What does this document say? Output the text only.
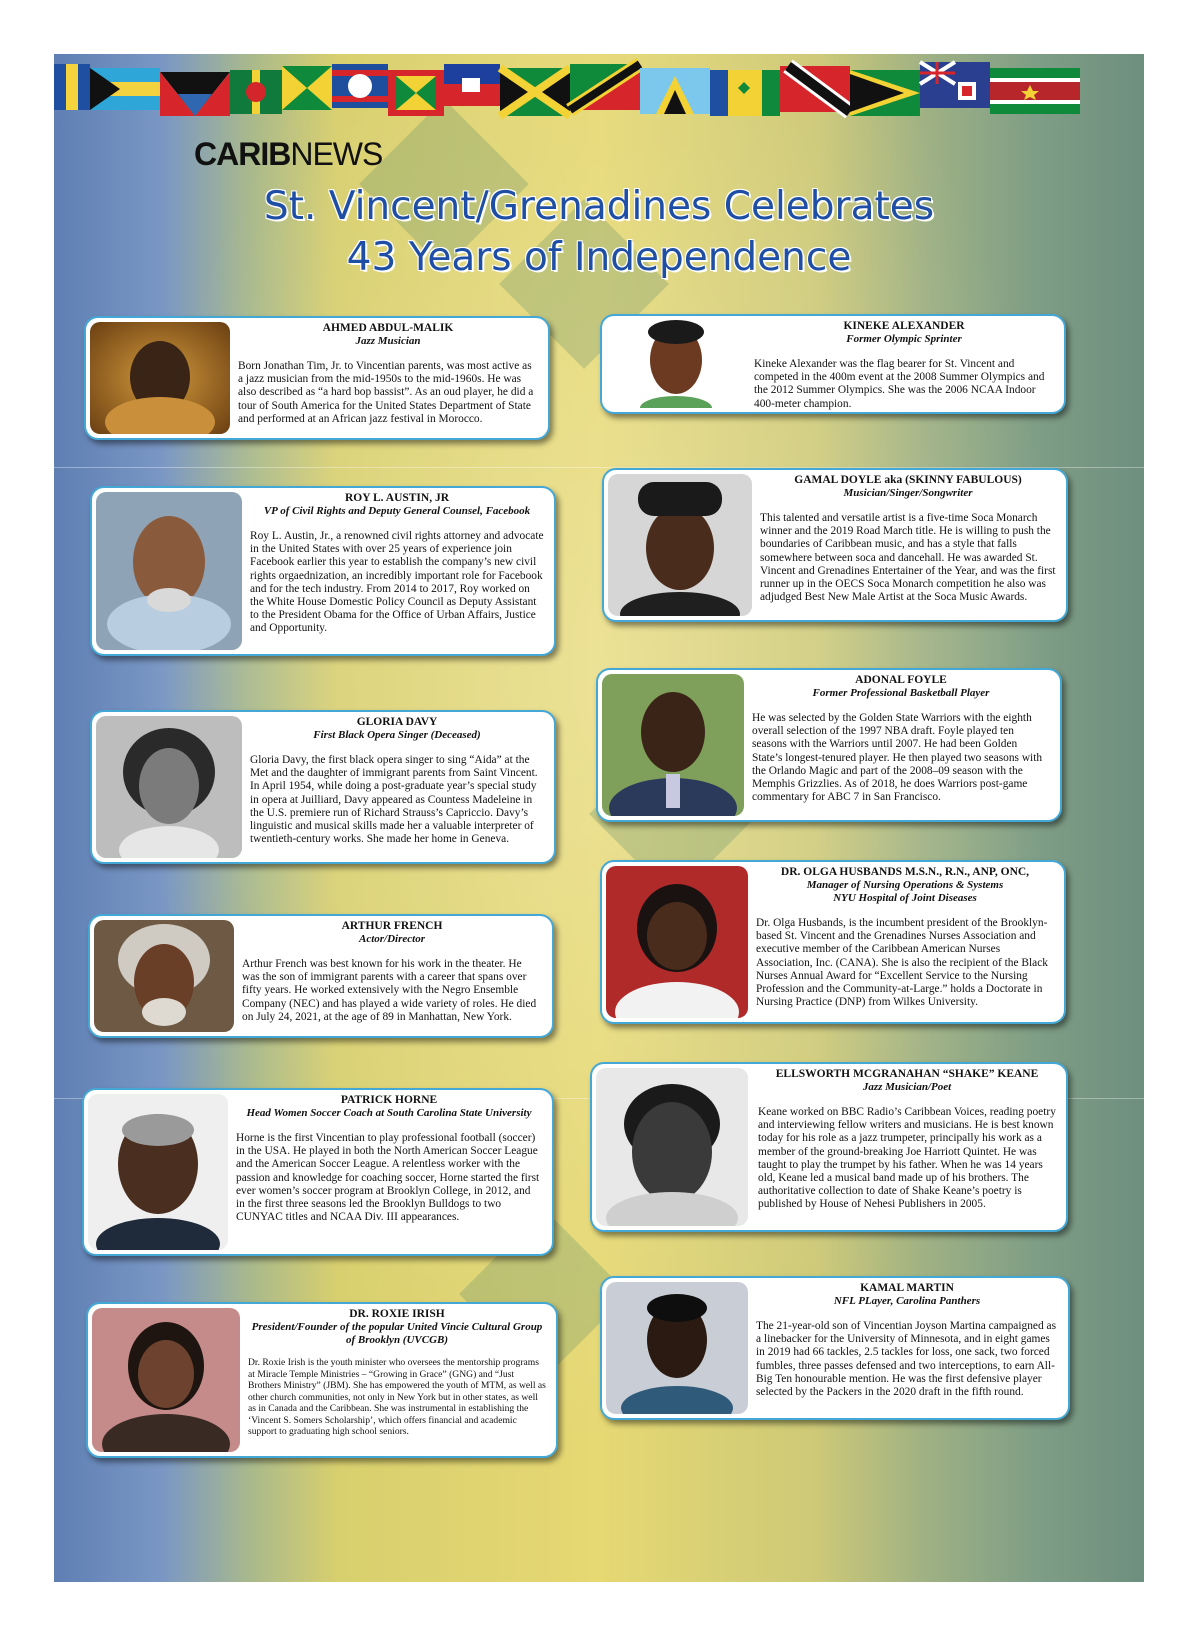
CARIBNEWS
St. Vincent/Grenadines Celebrates
43 Years of Independence
AHMED ABDUL-MALIK
Jazz Musician
Born Jonathan Tim, Jr. to Vincentian parents, was most active as a jazz musician from the mid-1950s to the mid-1960s. He was also described as “a hard bop bassist”. As an oud player, he did a tour of South America for the United States Department of State and performed at an African jazz festival in Morocco.
ROY L. AUSTIN, JR
VP of Civil Rights and Deputy General Counsel, Facebook
Roy L. Austin, Jr., a renowned civil rights attorney and advocate in the United States with over 25 years of experience join Facebook earlier this year to establish the company’s new civil rights orgaednization, an incredibly important role for Facebook and for the tech industry. From 2014 to 2017, Roy worked on the White House Domestic Policy Council as Deputy Assistant to the President Obama for the Office of Urban Affairs, Justice and Opportunity.
GLORIA DAVY
First Black Opera Singer (Deceased)
Gloria Davy, the first black opera singer to sing “Aida” at the Met and the daughter of immigrant parents from Saint Vincent. In April 1954, while doing a post-graduate year’s special study in opera at Juilliard, Davy appeared as Countess Madeleine in the U.S. premiere run of Richard Strauss’s Capriccio. Davy’s linguistic and musical skills made her a valuable interpreter of twentieth-century works. She made her home in Geneva.
ARTHUR FRENCH
Actor/Director
Arthur French was best known for his work in the theater. He was the son of immigrant parents with a career that spans over fifty years. He worked extensively with the Negro Ensemble Company (NEC) and has played a wide variety of roles. He died on July 24, 2021, at the age of 89 in Manhattan, New York.
PATRICK HORNE
Head Women Soccer Coach at South Carolina State University
Horne is the first Vincentian to play professional football (soccer) in the USA. He played in both the North American Soccer League and the American Soccer League. A relentless worker with the passion and knowledge for coaching soccer, Horne started the first ever women’s soccer program at Brooklyn College, in 2012, and in the first three seasons led the Brooklyn Bulldogs to two CUNYAC titles and NCAA Div. III appearances.
DR. ROXIE IRISH
President/Founder of the popular United Vincie Cultural Group of Brooklyn (UVCGB)
Dr. Roxie Irish is the youth minister who oversees the mentorship programs at Miracle Temple Ministries – “Growing in Grace” (GNG) and “Just Brothers Ministry” (JBM). She has empowered the youth of MTM, as well as other church communities, not only in New York but in other states, as well as in Canada and the Caribbean. She was instrumental in establishing the ‘Vincent S. Somers Scholarship’, which offers financial and academic support to graduating high school seniors.
KINEKE ALEXANDER
Former Olympic Sprinter
Kineke Alexander was the flag bearer for St. Vincent and competed in the 400m event at the 2008 Summer Olympics and the 2012 Summer Olympics. She was the 2006 NCAA Indoor 400-meter champion.
GAMAL DOYLE aka (SKINNY FABULOUS)
Musician/Singer/Songwriter
This talented and versatile artist is a five-time Soca Monarch winner and the 2019 Road March title. He is willing to push the boundaries of Caribbean music, and has a style that falls somewhere between soca and dancehall. He was awarded St. Vincent and Grenadines Entertainer of the Year, and was the first runner up in the OECS Soca Monarch competition he also was adjudged Best New Male Artist at the Soca Music Awards.
ADONAL FOYLE
Former Professional Basketball Player
He was selected by the Golden State Warriors with the eighth overall selection of the 1997 NBA draft. Foyle played ten seasons with the Warriors until 2007. He had been Golden State’s longest-tenured player. He then played two seasons with the Orlando Magic and part of the 2008–09 season with the Memphis Grizzlies. As of 2018, he does Warriors post-game commentary for ABC 7 in San Francisco.
DR. OLGA HUSBANDS M.S.N., R.N., ANP, ONC,
Manager of Nursing Operations & Systems
NYU Hospital of Joint Diseases
Dr. Olga Husbands, is the incumbent president of the Brooklyn-based St. Vincent and the Grenadines Nurses Association and executive member of the Caribbean American Nurses Association, Inc. (CANA). She is also the recipient of the Black Nurses Annual Award for “Excellent Service to the Nursing Profession and the Community-at-Large.” holds a Doctorate in Nursing Practice (DNP) from Wilkes University.
ELLSWORTH MCGRANAHAN “SHAKE” KEANE
Jazz Musician/Poet
Keane worked on BBC Radio’s Caribbean Voices, reading poetry and interviewing fellow writers and musicians. He is best known today for his role as a jazz trumpeter, principally his work as a member of the ground-breaking Joe Harriott Quintet. He was taught to play the trumpet by his father. When he was 14 years old, Keane led a musical band made up of his brothers. The authoritative collection to date of Shake Keane’s poetry is published by House of Nehesi Publishers in 2005.
KAMAL MARTIN
NFL PLayer, Carolina Panthers
The 21-year-old son of Vincentian Joyson Martina campaigned as a linebacker for the University of Minnesota, and in eight games in 2019 had 66 tackles, 2.5 tackles for loss, one sack, two forced fumbles, three passes defensed and two interceptions, to earn All-Big Ten honourable mention. He was the first defensive player selected by the Packers in the 2020 draft in the fifth round.
